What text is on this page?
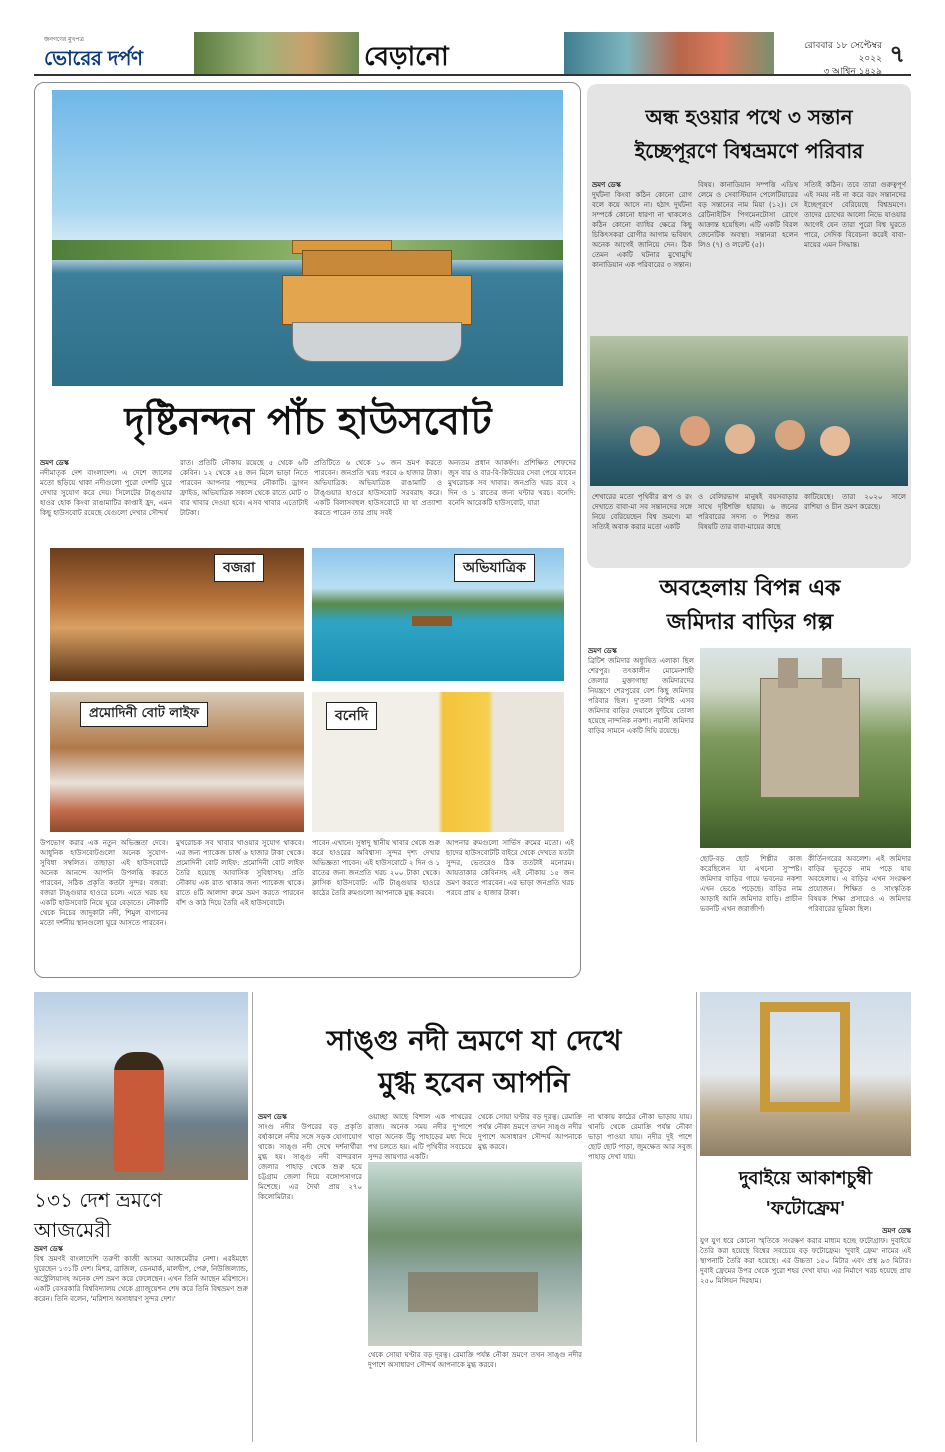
জনগণের মুখপত্র
ভোরের দর্পণ	বেড়ানো	রোববার ১৮ সেপ্টেম্বর ২০২২
৩ আশ্বিন ১৪২৯
৭
দৃষ্টিনন্দন পাঁচ হাউসবোট
ভ্রমণ ডেস্ক
নদীমাতৃক দেশ বাংলাদেশ। এ দেশে জালের মতো ছড়িয়ে থাকা নদীগুলো পুরো দেশটি ঘুরে দেখার সুযোগ করে দেয়। সিলেটের টাঙ্গুয়ার হাওর হোক কিংবা রাঙামাটির কাপ্তাই হ্রদ, এমন কিছু হাউসবোট রয়েছে যেগুলো দেখার সৌন্দর্য
রাত। প্রতিটি নৌকায় রয়েছে ৫ থেকে ৬টি কেবিন। ১২ থেকে ২৪ জন মিলে ভাড়া নিতে পারবেন আপনার পছন্দের নৌকাটি। ড্রাগন ফ্রাইড, অভিযাত্রিক সকাল থেকে রাতে মোট ৩ বার খাবার দেওয়া হবে। এসব খাবার এতোটাই টাটকা।
প্রতিটিতে ৬ থেকে ১০ জন ভ্রমণ করতে পারবেন। জনপ্রতি খরচ পরবে ৬ হাজার টাকা। অভিযাত্রিক: অভিযাত্রিক রাঙামাটি ও টাঙ্গুয়ার হাওরে হাউসবোট সরবরাহ করে। একটি বিলাসবহুল হাউসবোটে যা যা প্রত্যাশা করতে পারেন তার প্রায় সবই
অন্যতম প্রধান আকর্ষণ। প্রশিক্ষিত শেফদের জুস বার ও বার-বি-কিউয়ের সেবা পেয়ে যাবেন মুখরোচক সব খাবার। জনপ্রতি খরচ রবে ২ দিন ও ১ রাতের জন্য ঘন্টার খরচ। বনেদি: বনেদি আরেকটি হাউসবোট, যারা
বজরা	অভিযাত্রিক
প্রমোদিনী বোট লাইফ	বনেদি
উপভোগ করার এক নতুন অভিজ্ঞতা দেবে। আধুনিক হাউসবোটগুলো অনেক সুযোগ-সুবিধা সম্বলিত। তাছাড়া এই হাউসবোটে অনেক আনন্দে আপনি উপলব্ধি করতে পারবেন, সঠিক প্রকৃতি কতটা সুন্দর। বজরা: বজরা টাঙ্গুয়ার হাওরে চলে। এতে খরচ হয় একটি হাউসবোট নিয়ে ঘুরে বেড়াতে। নৌকাটি থেকে নিচের জাদুকাটা নদী, শিমুল বাগানের মতো দর্শনীয় স্থানগুলো ঘুরে আসতে পারবেন।
মুখরোচক সব খাবার খাওয়ার সুযোগ থাকবে। এর জন্য প্যাকেজ চার্জ ৬ হাজার টাকা থেকে। প্রমোদিনী বোট লাইফ: প্রমোদিনী বোট লাইফ তৈরি হয়েছে আবাসিক সুবিধাসহ। প্রতি নৌকায় এক রাত থাকার জন্য প্যাকেজ থাকে। রাতে ৪টি আলাদা রুমে ভ্রমণ করতে পারবেন বাঁশ ও কাঠ দিয়ে তৈরি এই হাউসবোটে।
পাবেন এখানে। সুস্বাদু স্থানীয় খাবার থেকে শুরু করে হাওরের অবিশ্বাস্য সুন্দর দৃশ্য দেখার অভিজ্ঞতা পাবেন। এই হাউসবোটে ২ দিন ও ১ রাতের জন্য জনপ্রতি খরচ ২০০ টাকা থেকে। ক্লাসিক হাউসবোট: এটি টাঙ্গুয়ার হাওরে কাঠের তৈরি রুমগুলো আপনাকে মুগ্ধ করবে।
আপনার রুমগুলো সার্ভিস রুমের মতো। এই ছাদের হাউসবোটটি বাইরে থেকে দেখতে যতটা সুন্দর, ভেতরেও ঠিক ততটাই মনোরম। আয়তাকার কেবিনসহ এই নৌকায় ১৫ জন ভ্রমণ করতে পারবেন। এর ভাড়া জনপ্রতি খরচ পরবে প্রায় ৫ হাজার টাকা।
অন্ধ হওয়ার পথে ৩ সন্তান
ইচ্ছেপূরণে বিশ্বভ্রমণে পরিবার
ভ্রমণ ডেস্ক
দুর্ঘটনা কিংবা কঠিন কোনো রোগ বলে কয়ে আসে না। হঠাৎ দুর্ঘটনা সম্পর্কে কোনো ধারণা না থাকলেও কঠিন কোনো ব্যাধির ক্ষেত্রে কিছু চিকিৎসকরা রোগীর আগাম ভবিষ্যৎ অনেক আগেই জানিয়ে দেন। ঠিক তেমন একটি ঘটনার মুখোমুখি কানাডিয়ান এক পরিবারের ৩ সন্তান।
বিষয়। কানাডিয়ান সম্পত্তি এডিথ লেমে ও সেবাস্টিয়ান পেলেটিয়ারের বড় সন্তানের নাম মিয়া (১২)। সে রেটিনাইটিস পিগমেনটোসা রোগে আক্রান্ত হয়েছিল। এটি একটি বিরল জেনেটিক অবস্থা। সন্তানরা হলেন লিও (৭) ও লরেন্ট (৫)।
সত্যিই কঠিন। তবে তারা গুরুত্বপূর্ণ এই সময় নষ্ট না করে বরং সন্তানদের ইচ্ছেপূরণে বেরিয়েছে বিশ্বভ্রমণে। তাদের চোখের আলো নিভে যাওয়ার আগেই যেন তারা পুরো বিশ্ব ঘুরতে পারে, সেদিক বিবেচনা করেই বাবা-মায়ের এমন সিদ্ধান্ত।
শেখারের মতো পৃথিবীর রূপ ও রং দেখাতে বাবা-মা সব সন্তানদের সঙ্গে নিয়ে বেরিয়েছেন বিশ্ব ভ্রমণে। মা সত্যিই অবাক করার মতো একটি
ও বেলিরভাগ মানুষই বয়সবাড়ার সাথে দৃষ্টিশক্তি হারায়। ৬ জনের পরিবারের সদস্য ৩ শিশুর জন্য বিষয়টি তার বাবা-মায়ের কাছে
কাটিয়েছে। তারা ২০২০ সালে রাশিয়া ও চীন ভ্রমণ করেছে।
অবহেলায় বিপন্ন এক
জমিদার বাড়ির গল্প
ভ্রমণ ডেস্ক
ব্রিটিশ জমিদার অধ্যুষিত এলাকা ছিল শেরপুর। তৎকালীন মোমেনশাহী জেলার মুক্তাগাছা জমিদারদের নিয়ন্ত্রণে শেরপুরের বেশ কিছু জমিদার পরিবার ছিল। দু'তলা বিশিষ্ট এসব জমিদার বাড়ির দেয়ালে ফুটিয়ে তোলা হয়েছে নান্দনিক নকশা। নয়ানী জমিদার বাড়ির সামনে একটি দিঘি রয়েছে।
ছোট-বড় ছোট শিল্পীর কাজ করেছিলেন যা এখনো সুস্পষ্ট। জমিদার বাড়ির গায়ে ভবনের নকশা এখন ভেঙে পড়েছে। বাড়ির নাম আড়াই আনি জমিদার বাড়ি। প্রাচীন ভবনটি এখন জরাজীর্ণ।
কীর্তিনগরের অবলেশ। এই জমিদার বাড়ির ভূতুড়ে নাম পড়ে যায় অবহেলায়। এ বাড়ির এখন সংরক্ষণ প্রয়োজন। শিক্ষিত ও সাংস্কৃতিক বিষয়ক শিক্ষা প্রসারেও এ জমিদার পরিবারের ভূমিকা ছিল।
১৩১ দেশ ভ্রমণে
আজমেরী
ভ্রমণ ডেস্ক
বিশ্ব ভ্রমণই বাংলাদেশি তরুণী কাজী আসমা আজমেরীর নেশা। এরইমধ্যে ঘুরেছেন ১৩১টি দেশ। মিশর, ব্রাজিল, ডেনমার্ক, মালদ্বীপ, পেরু, নিউজিল্যান্ড, অস্ট্রেলিয়াসহ অনেক দেশ ভ্রমণ করে ফেলেছেন। এখন তিনি আছেন মরিশাসে। একটি বেসরকারি বিশ্ববিদ্যালয় থেকে গ্র্যাজুয়েশন শেষ করে তিনি বিশ্বভ্রমণ শুরু করেন। তিনি বলেন, 'মরিশাস অসাধারণ সুন্দর দেশ।'
সাঙ্গু নদী ভ্রমণে যা দেখে
মুগ্ধ হবেন আপনি
ভ্রমণ ডেস্ক
সাংগু নদীর উপরের বড় প্রকৃতি বর্ষাকালে নদীর সঙ্গে সড়ক যোগাযোগ থাকে। সাঙ্গু নদী দেখে দর্শনার্থীরা মুগ্ধ হয়। সাঙ্গু নদী বান্দরবান জেলার পাহাড় থেকে শুরু হয়ে চট্টগ্রাম জেলা দিয়ে বঙ্গোপসাগরে মিশেছে। এর দৈর্ঘ্য প্রায় ২৭০ কিলোমিটার।
ওয়াচ্ছা আছে বিশাল এক পাথরের রাজ্য। অনেক সময় নদীর দু'পাশে খাড়া অনেক উঁচু পাহাড়ের মধ্য দিয়ে পথ চলতে হয়। এটি পৃথিবীর সবচেয়ে সুন্দর জায়গার একটি।
থেকে সোয়া ঘণ্টার বড় দূরত্ব। রেমাক্রি পর্যন্ত নৌকা ভ্রমণে তখন সাঙ্গু নদীর দুপাশে অসাধারণ সৌন্দর্য আপনাকে মুগ্ধ করবে।
থেকে সোয়া ঘণ্টার বড় দূরত্ব। রেমাক্রি পর্যন্ত নৌকা ভ্রমণে তখন সাঙ্গু নদীর দুপাশে অসাধারণ সৌন্দর্য আপনাকে মুগ্ধ করবে।
না থাকায় কাঠের নৌকা ভাড়ায় যায়। থানচি থেকে রেমাক্রি পর্যন্ত নৌকা ভাড়া পাওয়া যায়। নদীর দুই পাশে ছোট ছোট পাড়া, জুমক্ষেত আর সবুজ পাহাড় দেখা যায়।
দুবাইয়ে আকাশচুম্বী
'ফটোফ্রেম'
ভ্রমণ ডেস্ক
যুগ যুগ ধরে কোনো স্মৃতিকে সংরক্ষণ করার মাধ্যম হচ্ছে ফটোগ্রাফ। দুবাইয়ে তৈরি করা হয়েছে বিশ্বের সবচেয়ে বড় ফটোফ্রেম। 'দুবাই ফ্রেম' নামের এই স্থাপনাটি তৈরি করা হয়েছে। এর উচ্চতা ১৫০ মিটার এবং প্রস্থ ৯৩ মিটার। দুবাই ফ্রেমের উপর থেকে পুরো শহর দেখা যায়। এর নির্মাণে খরচ হয়েছে প্রায় ২৫০ মিলিয়ন দিরহাম।
